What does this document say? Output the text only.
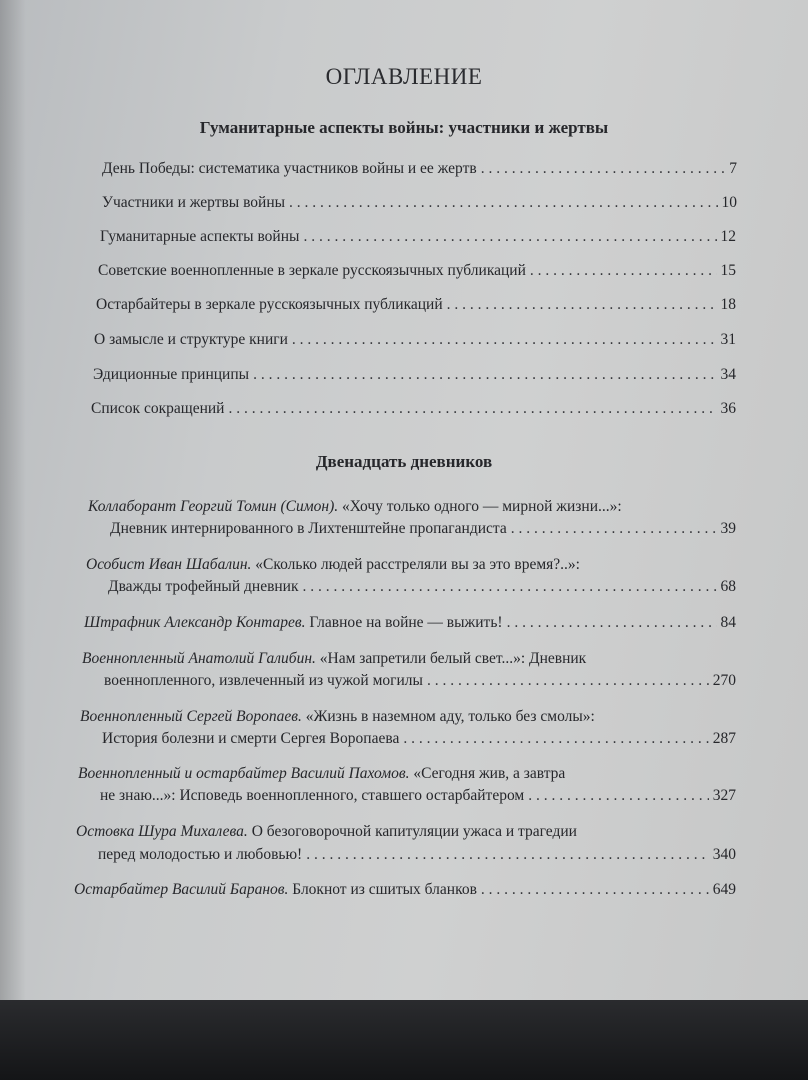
ОГЛАВЛЕНИЕ
Гуманитарные аспекты войны: участники и жертвы
День Победы: систематика участников войны и ее жертв . . .	7
Участники и жертвы войны . . .	10
Гуманитарные аспекты войны . . .	12
Советские военнопленные в зеркале русскоязычных публикаций . . .	15
Остарбайтеры в зеркале русскоязычных публикаций . . .	18
О замысле и структуре книги . . .	31
Эдиционные принципы . . .	34
Список сокращений . . .	36
Двенадцать дневников
Коллаборант Георгий Томин (Симон). «Хочу только одного — мирной жизни...»:
Дневник интернированного в Лихтенштейне пропагандиста . . .	39
Особист Иван Шабалин. «Сколько людей расстреляли вы за это время?..»:
Дважды трофейный дневник . . .	68
Штрафник Александр Контарев. Главное на войне — выжить! . . .	84
Военнопленный Анатолий Галибин. «Нам запретили белый свет...»: Дневник
военнопленного, извлеченный из чужой могилы . . .	270
Военнопленный Сергей Воропаев. «Жизнь в наземном аду, только без смолы»:
История болезни и смерти Сергея Воропаева . . .	287
Военнопленный и остарбайтер Василий Пахомов. «Сегодня жив, а завтра
не знаю...»: Исповедь военнопленного, ставшего остарбайтером . . .	327
Остовка Шура Михалева. О безоговорочной капитуляции ужаса и трагедии
перед молодостью и любовью! . . .	340
Остарбайтер Василий Баранов. Блокнот из сшитых бланков . . .	649
